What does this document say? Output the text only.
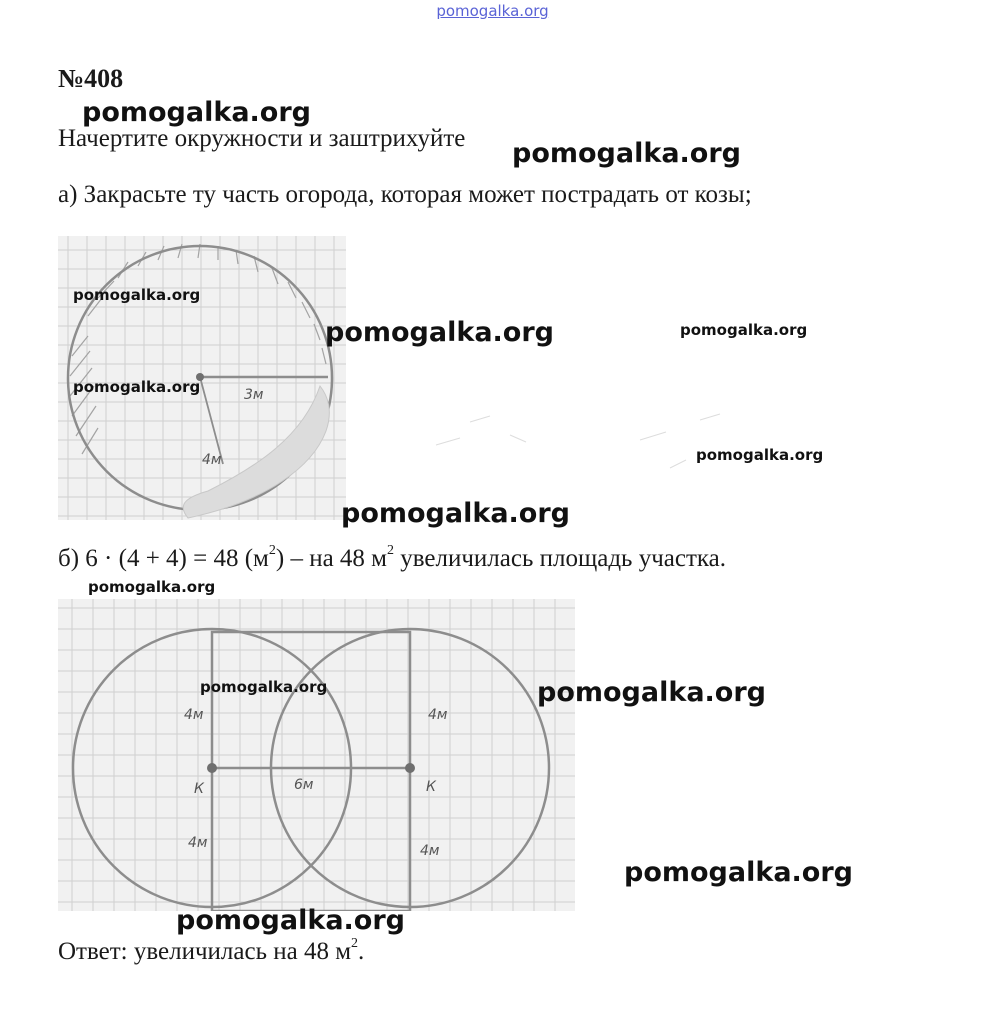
pomogalka.org
№408
Начертите окружности и заштрихуйте
а) Закрасьте ту часть огорода, которая может пострадать от козы;
3м
4м
б) 6 · (4 + 4) = 48 $(м^2)$ – на 48 $м^2$ увеличилась площадь участка.
4м
4м
4м
4м
6м
К	К
Ответ: увеличилась на 48 $м^2$.
pomogalka.org
pomogalka.org
pomogalka.org
pomogalka.org	pomogalka.org
pomogalka.org
pomogalka.org
pomogalka.org
pomogalka.org
pomogalka.org	pomogalka.org
pomogalka.org
pomogalka.org
